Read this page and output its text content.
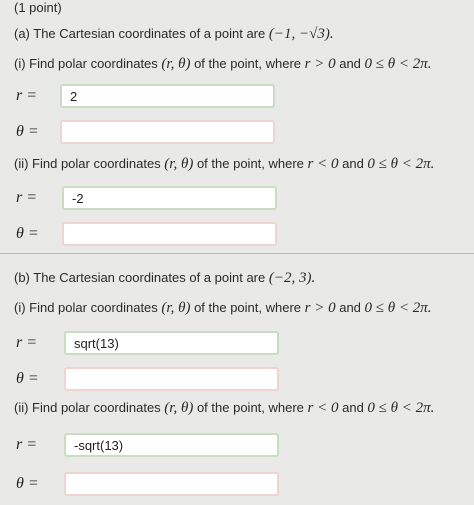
(1 point)
(a) The Cartesian coordinates of a point are (−1, −√3).
(i) Find polar coordinates (r, θ) of the point, where r > 0 and 0 ≤ θ < 2π.
r =	2
θ =
(ii) Find polar coordinates (r, θ) of the point, where r < 0 and 0 ≤ θ < 2π.
r =	-2
θ =
(b) The Cartesian coordinates of a point are (−2, 3).
(i) Find polar coordinates (r, θ) of the point, where r > 0 and 0 ≤ θ < 2π.
r =	sqrt(13)
θ =
(ii) Find polar coordinates (r, θ) of the point, where r < 0 and 0 ≤ θ < 2π.
r =	-sqrt(13)
θ =
